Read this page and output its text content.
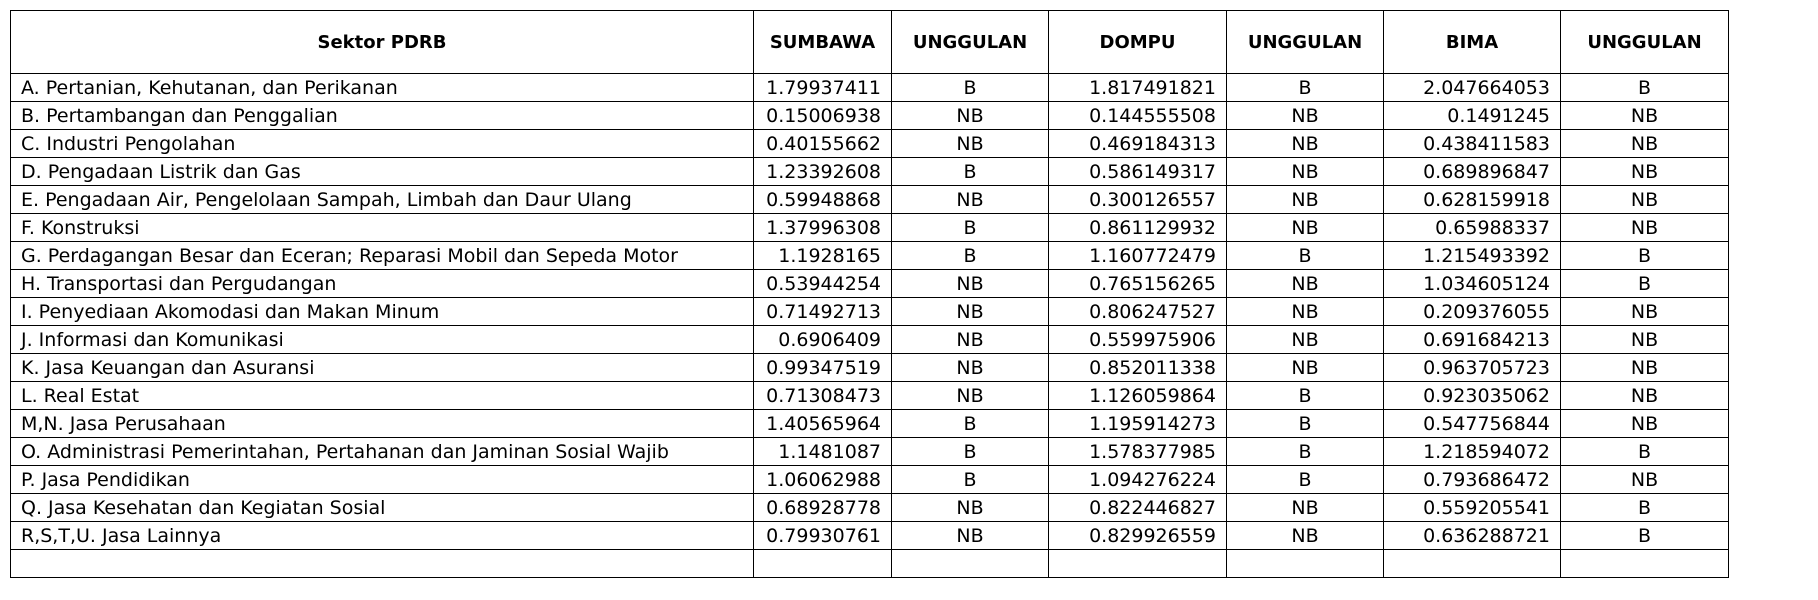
Sektor PDRB	SUMBAWA	UNGGULAN	DOMPU	UNGGULAN	BIMA	UNGGULAN
A. Pertanian, Kehutanan, dan Perikanan	1.79937411	B	1.817491821	B	2.047664053	B
B. Pertambangan dan Penggalian	0.15006938	NB	0.144555508	NB	0.1491245	NB
C. Industri Pengolahan	0.40155662	NB	0.469184313	NB	0.438411583	NB
D. Pengadaan Listrik dan Gas	1.23392608	B	0.586149317	NB	0.689896847	NB
E. Pengadaan Air, Pengelolaan Sampah, Limbah dan Daur Ulang	0.59948868	NB	0.300126557	NB	0.628159918	NB
F. Konstruksi	1.37996308	B	0.861129932	NB	0.65988337	NB
G. Perdagangan Besar dan Eceran; Reparasi Mobil dan Sepeda Motor	1.1928165	B	1.160772479	B	1.215493392	B
H. Transportasi dan Pergudangan	0.53944254	NB	0.765156265	NB	1.034605124	B
I. Penyediaan Akomodasi dan Makan Minum	0.71492713	NB	0.806247527	NB	0.209376055	NB
J. Informasi dan Komunikasi	0.6906409	NB	0.559975906	NB	0.691684213	NB
K. Jasa Keuangan dan Asuransi	0.99347519	NB	0.852011338	NB	0.963705723	NB
L. Real Estat	0.71308473	NB	1.126059864	B	0.923035062	NB
M,N. Jasa Perusahaan	1.40565964	B	1.195914273	B	0.547756844	NB
O. Administrasi Pemerintahan, Pertahanan dan Jaminan Sosial Wajib	1.1481087	B	1.578377985	B	1.218594072	B
P. Jasa Pendidikan	1.06062988	B	1.094276224	B	0.793686472	NB
Q. Jasa Kesehatan dan Kegiatan Sosial	0.68928778	NB	0.822446827	NB	0.559205541	B
R,S,T,U. Jasa Lainnya	0.79930761	NB	0.829926559	NB	0.636288721	B
